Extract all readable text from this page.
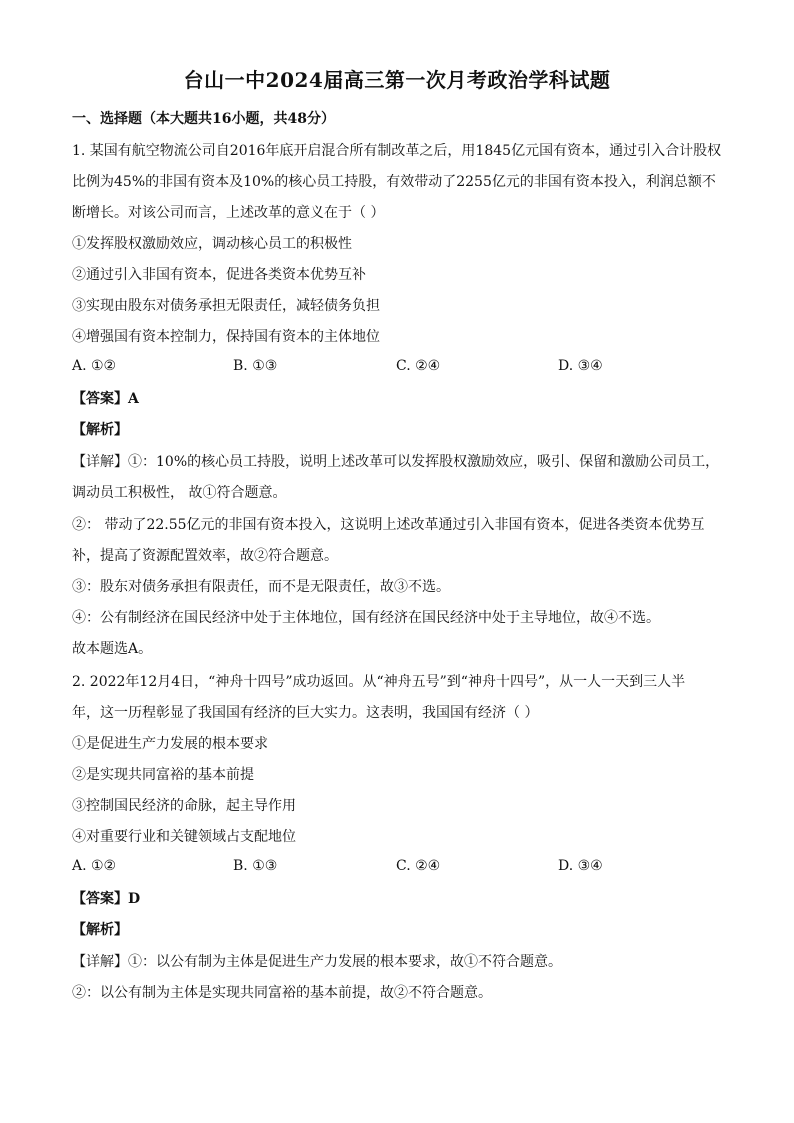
台山一中2024届高三第一次月考政治学科试题
一、选择题（本大题共16小题，共48分）
1. 某国有航空物流公司自2016年底开启混合所有制改革之后，用1845亿元国有资本，通过引入合计股权
比例为45%的非国有资本及10%的核心员工持股，有效带动了2255亿元的非国有资本投入，利润总额不
断增长。对该公司而言，上述改革的意义在于（ ）
①发挥股权激励效应，调动核心员工的积极性
②通过引入非国有资本，促进各类资本优势互补
③实现由股东对债务承担无限责任，减轻债务负担
④增强国有资本控制力，保持国有资本的主体地位
A. ①②	B. ①③	C. ②④	D. ③④
【答案】A
【解析】
【详解】①：10%的核心员工持股，说明上述改革可以发挥股权激励效应，吸引、保留和激励公司员工，
调动员工积极性， 故①符合题意。
②： 带动了22.55亿元的非国有资本投入，这说明上述改革通过引入非国有资本，促进各类资本优势互
补，提高了资源配置效率，故②符合题意。
③：股东对债务承担有限责任，而不是无限责任，故③不选。
④：公有制经济在国民经济中处于主体地位，国有经济在国民经济中处于主导地位，故④不选。
故本题选A。
2. 2022年12月4日，“神舟十四号”成功返回。从“神舟五号”到“神舟十四号”，从一人一天到三人半
年，这一历程彰显了我国国有经济的巨大实力。这表明，我国国有经济（ ）
①是促进生产力发展的根本要求
②是实现共同富裕的基本前提
③控制国民经济的命脉，起主导作用
④对重要行业和关键领域占支配地位
A. ①②	B. ①③	C. ②④	D. ③④
【答案】D
【解析】
【详解】①：以公有制为主体是促进生产力发展的根本要求，故①不符合题意。
②：以公有制为主体是实现共同富裕的基本前提，故②不符合题意。
